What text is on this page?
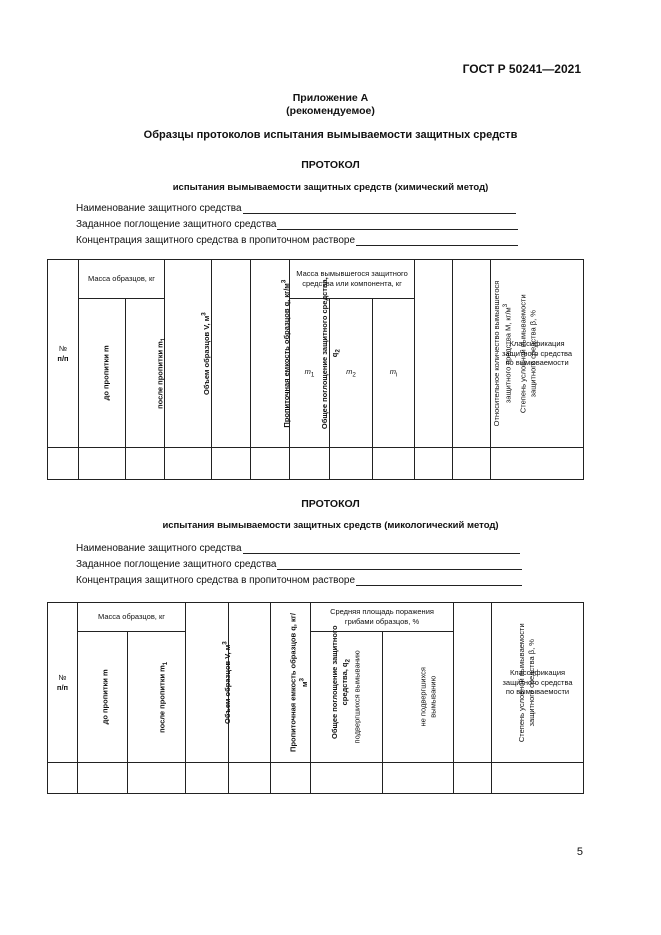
ГОСТ Р 50241—2021
Приложение А
(рекомендуемое)
Образцы протоколов испытания вымываемости защитных средств
ПРОТОКОЛ
испытания вымываемости защитных средств (химический метод)
Наименование защитного средства
Заданное поглощение защитного средства
Концентрация защитного средства в пропиточном растворе
№
п/п	Масса образцов, кг		Объем образцов V, $м^3$	Пропиточная емкость образцов q, $кг/м^3$	Общее поглощение защитного средства, $q_2$	Масса вымывшегося защитного средства или компонента, кг			Относительное количество вымывшегося защитного средства M, $кг/м^3$	Степень условной вымываемости защитного средства β, %	Классификация защитного средства по вымываемости
	до пропитки m	после пропитки $m_1$				$m_1$	$m_2$	$m_i$

ПРОТОКОЛ
испытания вымываемости защитных средств (микологический метод)
Наименование защитного средства
Заданное поглощение защитного средства
Концентрация защитного средства в пропиточном растворе
№
п/п	Масса образцов, кг		Объем образцов V, $м^3$	Пропиточная емкость образцов q, $кг/м^3$	Общее поглощение защитного средства, $q_2$	Средняя площадь поражения грибами образцов, %		Степень условной вымываемости защитного средства β, %	Классификация защитного средства по вымываемости
	до пропитки m	после пропитки $m_1$				подвергшихся вымыванию	не подвергшихся вымыванию		

5
